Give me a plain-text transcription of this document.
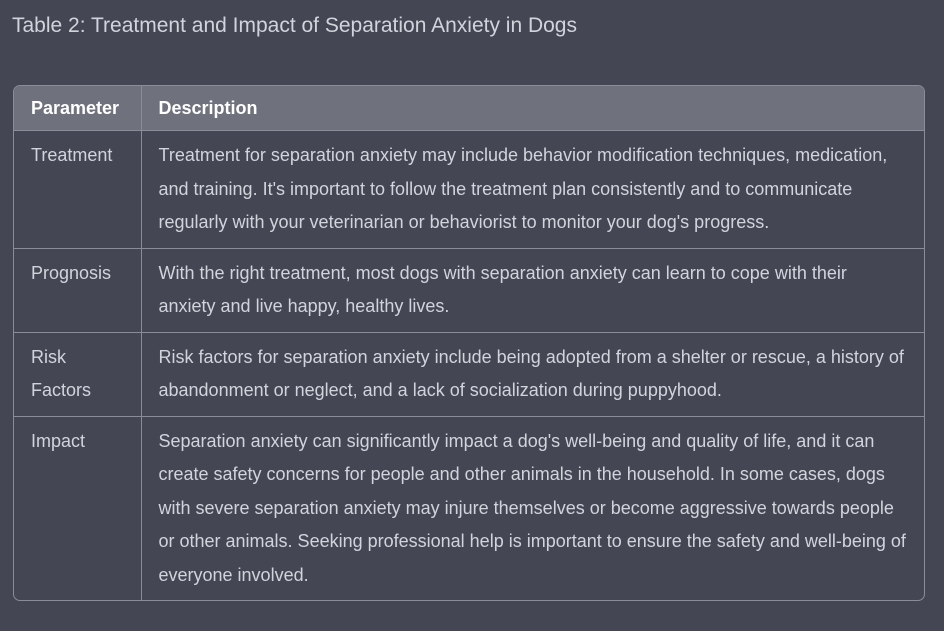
Table 2: Treatment and Impact of Separation Anxiety in Dogs
Parameter	Description
Treatment	Treatment for separation anxiety may include behavior modification techniques, medication, and training. It's important to follow the treatment plan consistently and to communicate regularly with your veterinarian or behaviorist to monitor your dog's progress.
Prognosis	With the right treatment, most dogs with separation anxiety can learn to cope with their anxiety and live happy, healthy lives.
Risk Factors	Risk factors for separation anxiety include being adopted from a shelter or rescue, a history of abandonment or neglect, and a lack of socialization during puppyhood.
Impact	Separation anxiety can significantly impact a dog's well-being and quality of life, and it can create safety concerns for people and other animals in the household. In some cases, dogs with severe separation anxiety may injure themselves or become aggressive towards people or other animals. Seeking professional help is important to ensure the safety and well-being of everyone involved.
